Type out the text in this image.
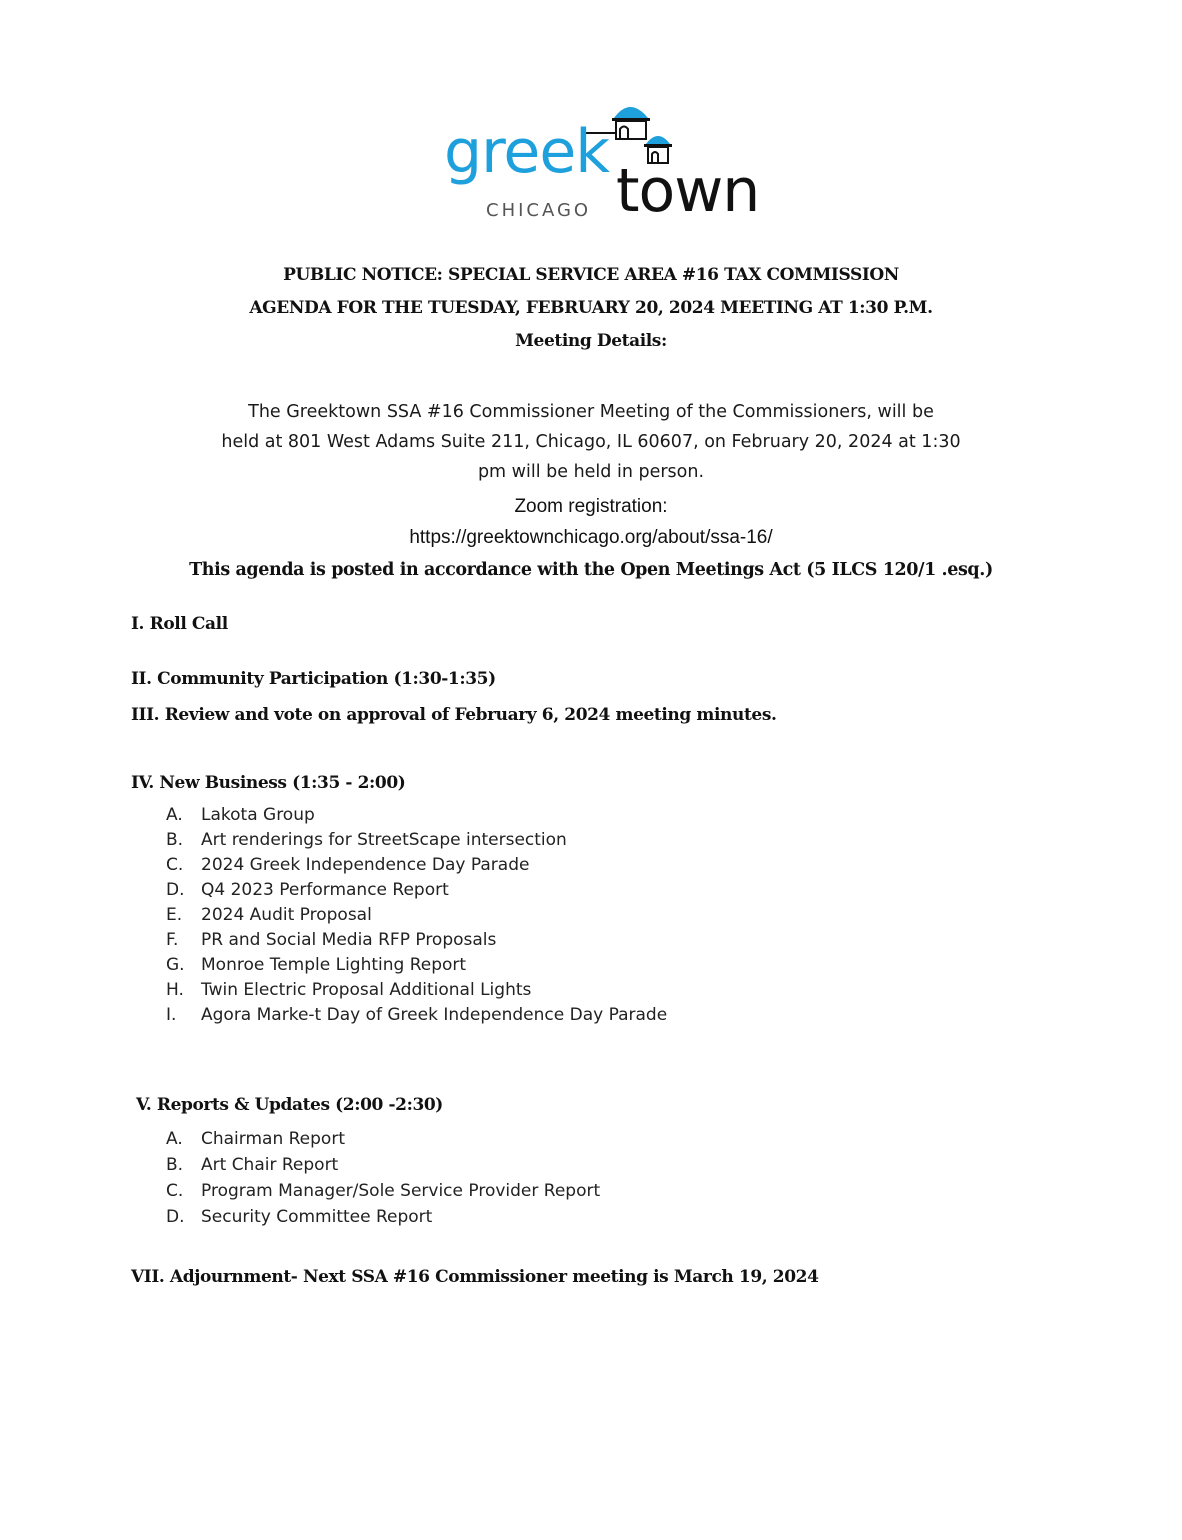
greek
town
CHICAGO
PUBLIC NOTICE: SPECIAL SERVICE AREA #16 TAX COMMISSION
AGENDA FOR THE TUESDAY, FEBRUARY 20, 2024 MEETING AT 1:30 P.M.
Meeting Details:
The Greektown SSA #16 Commissioner Meeting of the Commissioners, will be
held at 801 West Adams Suite 211, Chicago, IL 60607, on February 20, 2024 at 1:30
pm will be held in person.
Zoom registration:
https://greektownchicago.org/about/ssa-16/
This agenda is posted in accordance with the Open Meetings Act (5 ILCS 120/1 .esq.)
I. Roll Call
II. Community Participation (1:30-1:35)
III. Review and vote on approval of February 6, 2024 meeting minutes.
IV. New Business (1:35 - 2:00)
A. Lakota Group
B. Art renderings for StreetScape intersection
C. 2024 Greek Independence Day Parade
D. Q4 2023 Performance Report
E. 2024 Audit Proposal
F. PR and Social Media RFP Proposals
G. Monroe Temple Lighting Report
H. Twin Electric Proposal Additional Lights
I. Agora Marke-t Day of Greek Independence Day Parade
V. Reports & Updates (2:00 -2:30)
A. Chairman Report
B. Art Chair Report
C. Program Manager/Sole Service Provider Report
D. Security Committee Report
VII. Adjournment- Next SSA #16 Commissioner meeting is March 19, 2024
